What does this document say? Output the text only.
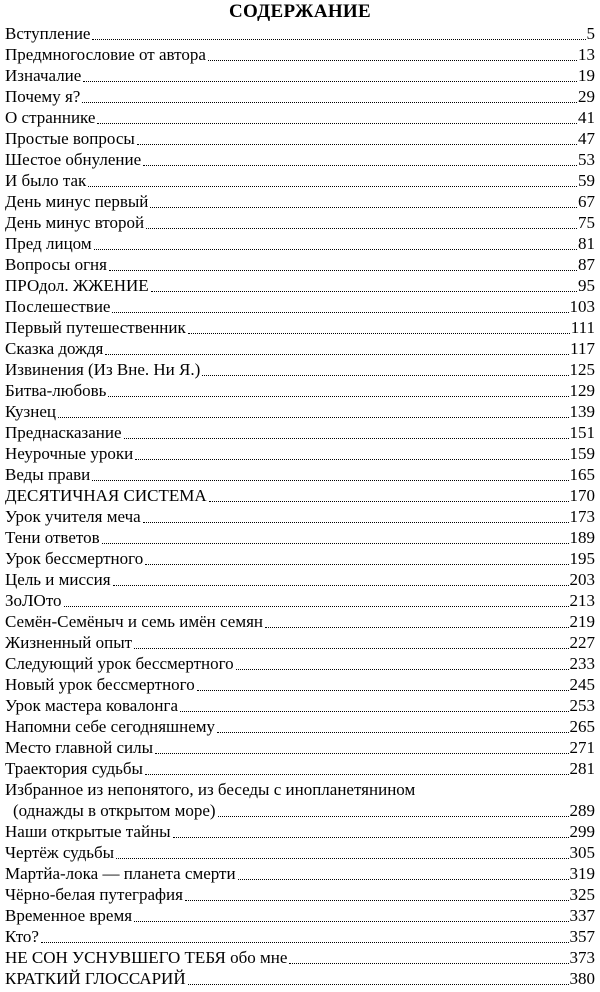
СОДЕРЖАНИЕ
Вступление	5
Предмногословие от автора	13
Изначалие	19
Почему я?	29
О страннике	41
Простые вопросы	47
Шестое обнуление	53
И было так	59
День минус первый	67
День минус второй	75
Пред лицом	81
Вопросы огня	87
ПРОдол. ЖЖЕНИЕ	95
Послешествие	103
Первый путешественник	111
Сказка дождя	117
Извинения (Из Вне. Ни Я.)	125
Битва-любовь	129
Кузнец	139
Преднасказание	151
Неурочные уроки	159
Веды прави	165
ДЕСЯТИЧНАЯ СИСТЕМА	170
Урок учителя меча	173
Тени ответов	189
Урок бессмертного	195
Цель и миссия	203
ЗоЛОто	213
Семён-Семёныч и семь имён семян	219
Жизненный опыт	227
Следующий урок бессмертного	233
Новый урок бессмертного	245
Урок мастера ковалонга	253
Напомни себе сегодняшнему	265
Место главной силы	271
Траектория судьбы	281
Избранное из непонятого, из беседы с инопланетянином
(однажды в открытом море)	289
Наши открытые тайны	299
Чертёж судьбы	305
Мартйа-лока — планета смерти	319
Чёрно-белая путеграфия	325
Временное время	337
Кто?	357
НЕ СОН УСНУВШЕГО ТЕБЯ обо мне	373
КРАТКИЙ ГЛОССАРИЙ	380
